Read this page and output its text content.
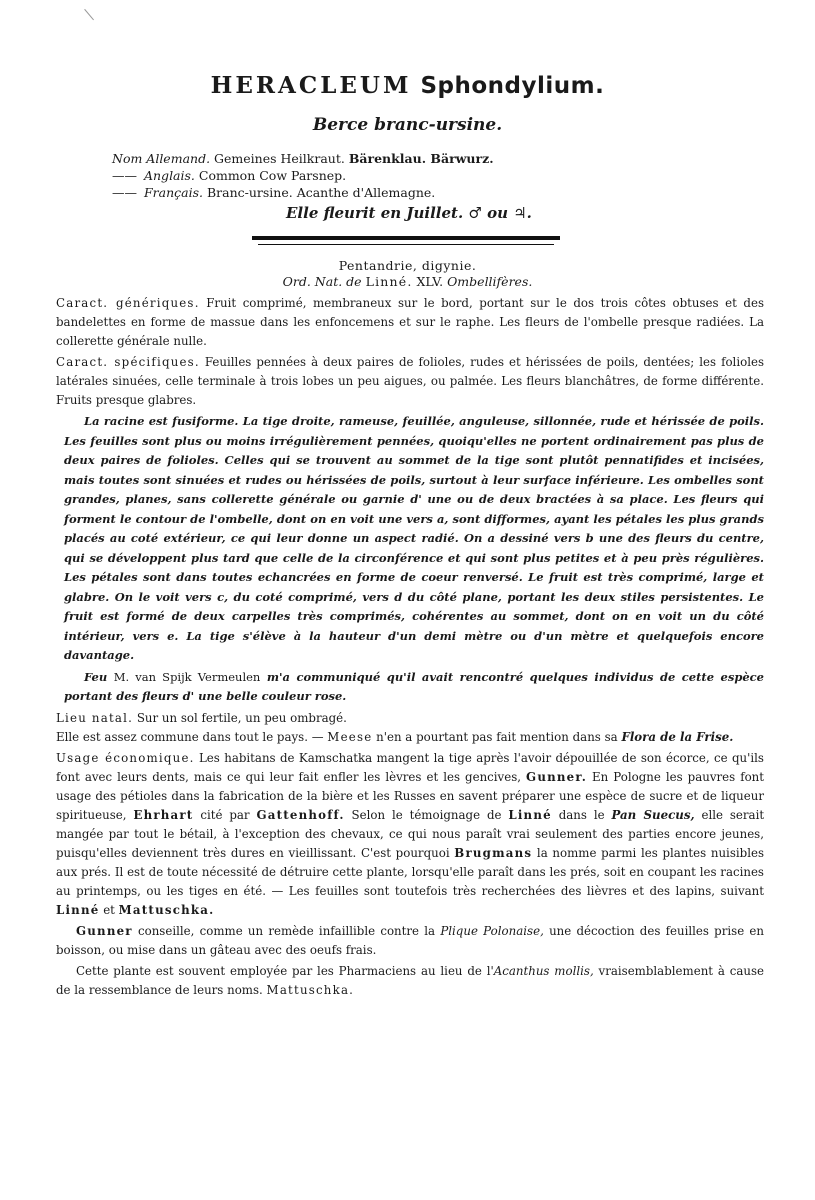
HERACLEUM Sphondylium.
Berce branc-ursine.
Nom Allemand. Gemeines Heilkraut. Bärenklau. Bärwurz.
—— Anglais. Common Cow Parsnep.
—— Français. Branc-ursine. Acanthe d'Allemagne.
Elle fleurit en Juillet. ♂ ou ♃.
Pentandrie, digynie.
Ord. Nat. de Linné. XLV. Ombellifères.

Caract. génériques. Fruit comprimé, membraneux sur le bord, portant sur le dos trois côtes obtuses et des bandelettes en forme de massue dans les enfoncemens et sur le raphe. Les fleurs de l'ombelle presque radiées. La collerette générale nulle.

Caract. spécifiques. Feuilles pennées à deux paires de folioles, rudes et hérissées de poils, dentées; les folioles latérales sinuées, celle terminale à trois lobes un peu aigues, ou palmée. Les fleurs blanchâtres, de forme différente. Fruits presque glabres.

La racine est fusiforme. La tige droite, rameuse, feuillée, anguleuse, sillonnée, rude et hérissée de poils. Les feuilles sont plus ou moins irrégulièrement pennées, quoiqu'elles ne portent ordinairement pas plus de deux paires de folioles. Celles qui se trouvent au sommet de la tige sont plutôt pennatifides et incisées, mais toutes sont sinuées et rudes ou hérissées de poils, surtout à leur surface inférieure. Les ombelles sont grandes, planes, sans collerette générale ou garnie d' une ou de deux bractées à sa place. Les fleurs qui forment le contour de l'ombelle, dont on en voit une vers a, sont difformes, ayant les pétales les plus grands placés au coté extérieur, ce qui leur donne un aspect radié. On a dessiné vers b une des fleurs du centre, qui se développent plus tard que celle de la circonférence et qui sont plus petites et à peu près régulières. Les pétales sont dans toutes echancrées en forme de coeur renversé. Le fruit est très comprimé, large et glabre. On le voit vers c, du coté comprimé, vers d du côté plane, portant les deux stiles persistentes. Le fruit est formé de deux carpelles très comprimés, cohérentes au sommet, dont on en voit un du côté intérieur, vers e. La tige s'élève à la hauteur d'un demi mètre ou d'un mètre et quelquefois encore davantage.

Feu M. van Spijk Vermeulen m'a communiqué qu'il avait rencontré quelques individus de cette espèce portant des fleurs d' une belle couleur rose.

Lieu natal. Sur un sol fertile, un peu ombragé.
Elle est assez commune dans tout le pays. — Meese n'en a pourtant pas fait mention dans sa Flora de la Frise.

Usage économique. Les habitans de Kamschatka mangent la tige après l'avoir dépouillée de son écorce, ce qu'ils font avec leurs dents, mais ce qui leur fait enfler les lèvres et les gencives, Gunner. En Pologne les pauvres font usage des pétioles dans la fabrication de la bière et les Russes en savent préparer une espèce de sucre et de liqueur spiritueuse, Ehrhart cité par Gattenhoff. Selon le témoignage de Linné dans le Pan Suecus, elle serait mangée par tout le bétail, à l'exception des chevaux, ce qui nous paraît vrai seulement des parties encore jeunes, puisqu'elles deviennent très dures en vieillissant. C'est pourquoi Brugmans la nomme parmi les plantes nuisibles aux prés. Il est de toute nécessité de détruire cette plante, lorsqu'elle paraît dans les prés, soit en coupant les racines au printemps, ou les tiges en été. — Les feuilles sont toutefois très recherchées des lièvres et des lapins, suivant Linné et Mattuschka.

Gunner conseille, comme un remède infaillible contre la Plique Polonaise, une décoction des feuilles prise en boisson, ou mise dans un gâteau avec des oeufs frais.

Cette plante est souvent employée par les Pharmaciens au lieu de l'Acanthus mollis, vraisemblablement à cause de la ressemblance de leurs noms. Mattuschka.
